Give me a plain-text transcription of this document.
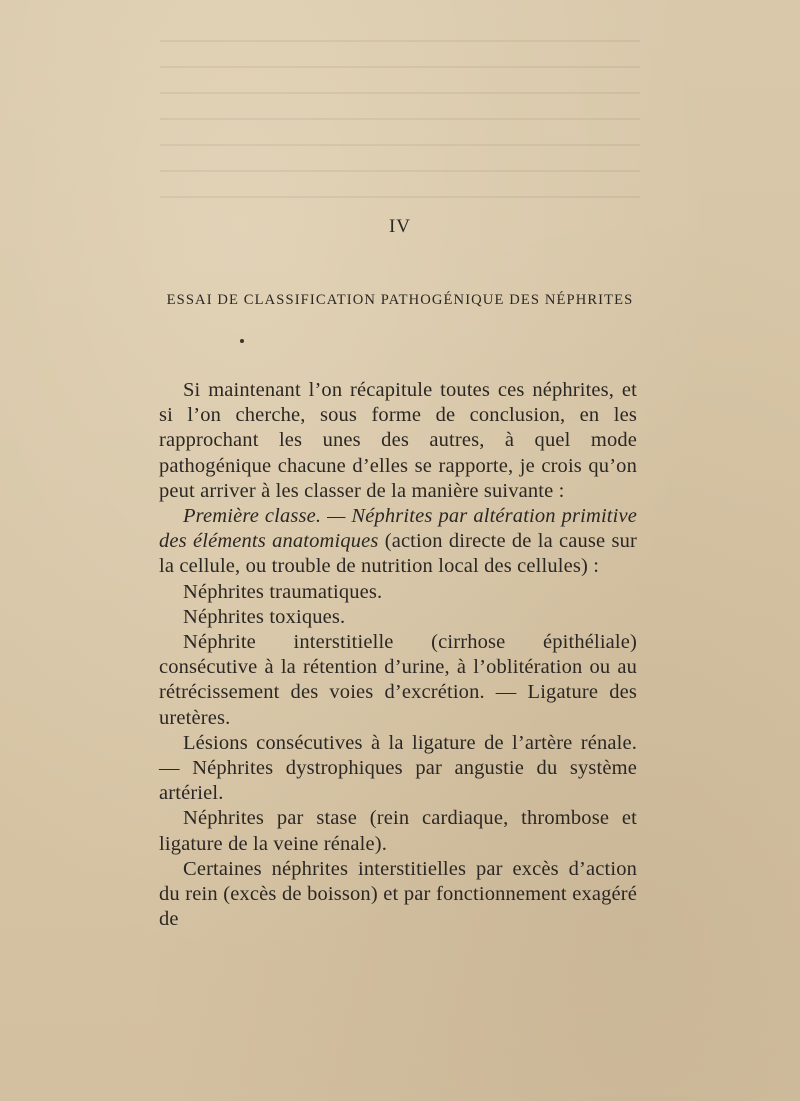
IV
ESSAI DE CLASSIFICATION PATHOGÉNIQUE DES NÉPHRITES

Si maintenant l’on récapitule toutes ces néphrites, et si l’on cherche, sous forme de conclusion, en les rapprochant les unes des autres, à quel mode pathogénique chacune d’elles se rapporte, je crois qu’on peut arriver à les classer de la manière suivante :

Première classe. — Néphrites par altération primitive des éléments anatomiques (action directe de la cause sur la cellule, ou trouble de nutrition local des cellules) :

Néphrites traumatiques.

Néphrites toxiques.

Néphrite interstitielle (cirrhose épithéliale) consécutive à la rétention d’urine, à l’oblitération ou au rétrécissement des voies d’excrétion. — Ligature des uretères.

Lésions consécutives à la ligature de l’artère rénale. — Néphrites dystrophiques par angustie du système artériel.

Néphrites par stase (rein cardiaque, thrombose et ligature de la veine rénale).

Certaines néphrites interstitielles par excès d’action du rein (excès de boisson) et par fonctionnement exagéré de
